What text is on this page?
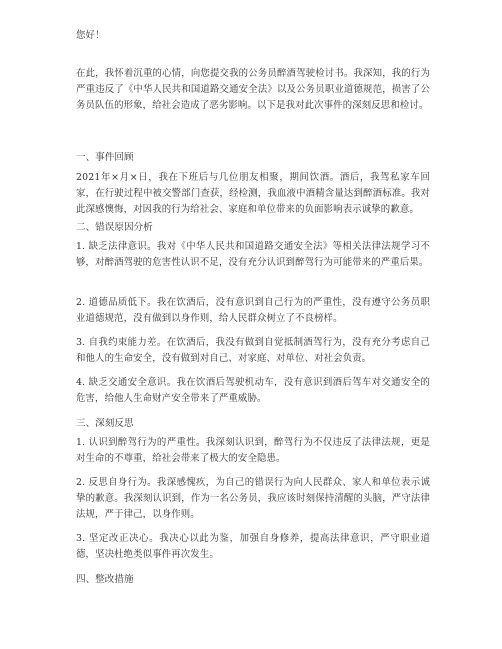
您好！

在此，我怀着沉重的心情，向您提交我的公务员醉酒驾驶检讨书。我深知，我的行为严重违反了《中华人民共和国道路交通安全法》以及公务员职业道德规范，损害了公务员队伍的形象，给社会造成了恶劣影响。以下是我对此次事件的深刻反思和检讨。

一、事件回顾

2021年×月×日，我在下班后与几位朋友相聚，期间饮酒。酒后，我驾私家车回家，在行驶过程中被交警部门查获，经检测，我血液中酒精含量达到醉酒标准。我对此深感懊悔，对因我的行为给社会、家庭和单位带来的负面影响表示诚挚的歉意。

二、错误原因分析

1. 缺乏法律意识。我对《中华人民共和国道路交通安全法》等相关法律法规学习不够，对醉酒驾驶的危害性认识不足，没有充分认识到醉驾行为可能带来的严重后果。

2. 道德品质低下。我在饮酒后，没有意识到自己行为的严重性，没有遵守公务员职业道德规范，没有做到以身作则，给人民群众树立了不良榜样。

3. 自我约束能力差。在饮酒后，我没有做到自觉抵制酒驾行为，没有充分考虑自己和他人的生命安全，没有做到对自己、对家庭、对单位、对社会负责。

4. 缺乏交通安全意识。我在饮酒后驾驶机动车，没有意识到酒后驾车对交通安全的危害，给他人生命财产安全带来了严重威胁。

三、深刻反思

1. 认识到醉驾行为的严重性。我深刻认识到，醉驾行为不仅违反了法律法规，更是对生命的不尊重，给社会带来了极大的安全隐患。

2. 反思自身行为。我深感愧疚，为自己的错误行为向人民群众、家人和单位表示诚挚的歉意。我深刻认识到，作为一名公务员，我应该时刻保持清醒的头脑，严守法律法规，严于律己，以身作则。

3. 坚定改正决心。我决心以此为鉴，加强自身修养，提高法律意识，严守职业道德，坚决杜绝类似事件再次发生。

四、整改措施
